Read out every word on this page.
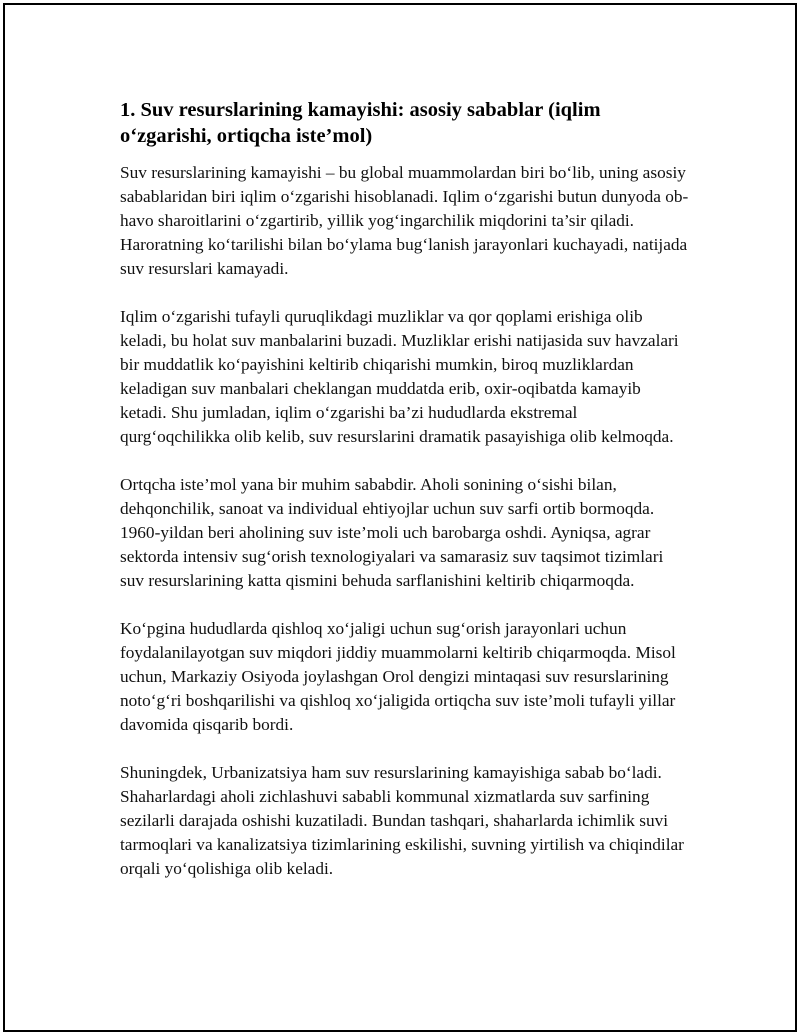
1. Suv resurslarining kamayishi: asosiy sabablar (iqlim o‘zgarishi, ortiqcha iste’mol)

Suv resurslarining kamayishi – bu global muammolardan biri bo‘lib, uning asosiy sabablaridan biri iqlim o‘zgarishi hisoblanadi. Iqlim o‘zgarishi butun dunyoda ob-havo sharoitlarini o‘zgartirib, yillik yog‘ingarchilik miqdorini ta’sir qiladi. Haroratning ko‘tarilishi bilan bo‘ylama bug‘lanish jarayonlari kuchayadi, natijada suv resurslari kamayadi.

Iqlim o‘zgarishi tufayli quruqlikdagi muzliklar va qor qoplami erishiga olib keladi, bu holat suv manbalarini buzadi. Muzliklar erishi natijasida suv havzalari bir muddatlik ko‘payishini keltirib chiqarishi mumkin, biroq muzliklardan keladigan suv manbalari cheklangan muddatda erib, oxir-oqibatda kamayib ketadi. Shu jumladan, iqlim o‘zgarishi ba’zi hududlarda ekstremal qurg‘oqchilikka olib kelib, suv resurslarini dramatik pasayishiga olib kelmoqda.

Ortqcha iste’mol yana bir muhim sababdir. Aholi sonining o‘sishi bilan, dehqonchilik, sanoat va individual ehtiyojlar uchun suv sarfi ortib bormoqda. 1960-yildan beri aholining suv iste’moli uch barobarga oshdi. Ayniqsa, agrar sektorda intensiv sug‘orish texnologiyalari va samarasiz suv taqsimot tizimlari suv resurslarining katta qismini behuda sarflanishini keltirib chiqarmoqda.

Ko‘pgina hududlarda qishloq xo‘jaligi uchun sug‘orish jarayonlari uchun foydalanilayotgan suv miqdori jiddiy muammolarni keltirib chiqarmoqda. Misol uchun, Markaziy Osiyoda joylashgan Orol dengizi mintaqasi suv resurslarining noto‘g‘ri boshqarilishi va qishloq xo‘jaligida ortiqcha suv iste’moli tufayli yillar davomida qisqarib bordi.

Shuningdek, Urbanizatsiya ham suv resurslarining kamayishiga sabab bo‘ladi. Shaharlardagi aholi zichlashuvi sababli kommunal xizmatlarda suv sarfining sezilarli darajada oshishi kuzatiladi. Bundan tashqari, shaharlarda ichimlik suvi tarmoqlari va kanalizatsiya tizimlarining eskilishi, suvning yirtilish va chiqindilar orqali yo‘qolishiga olib keladi.
